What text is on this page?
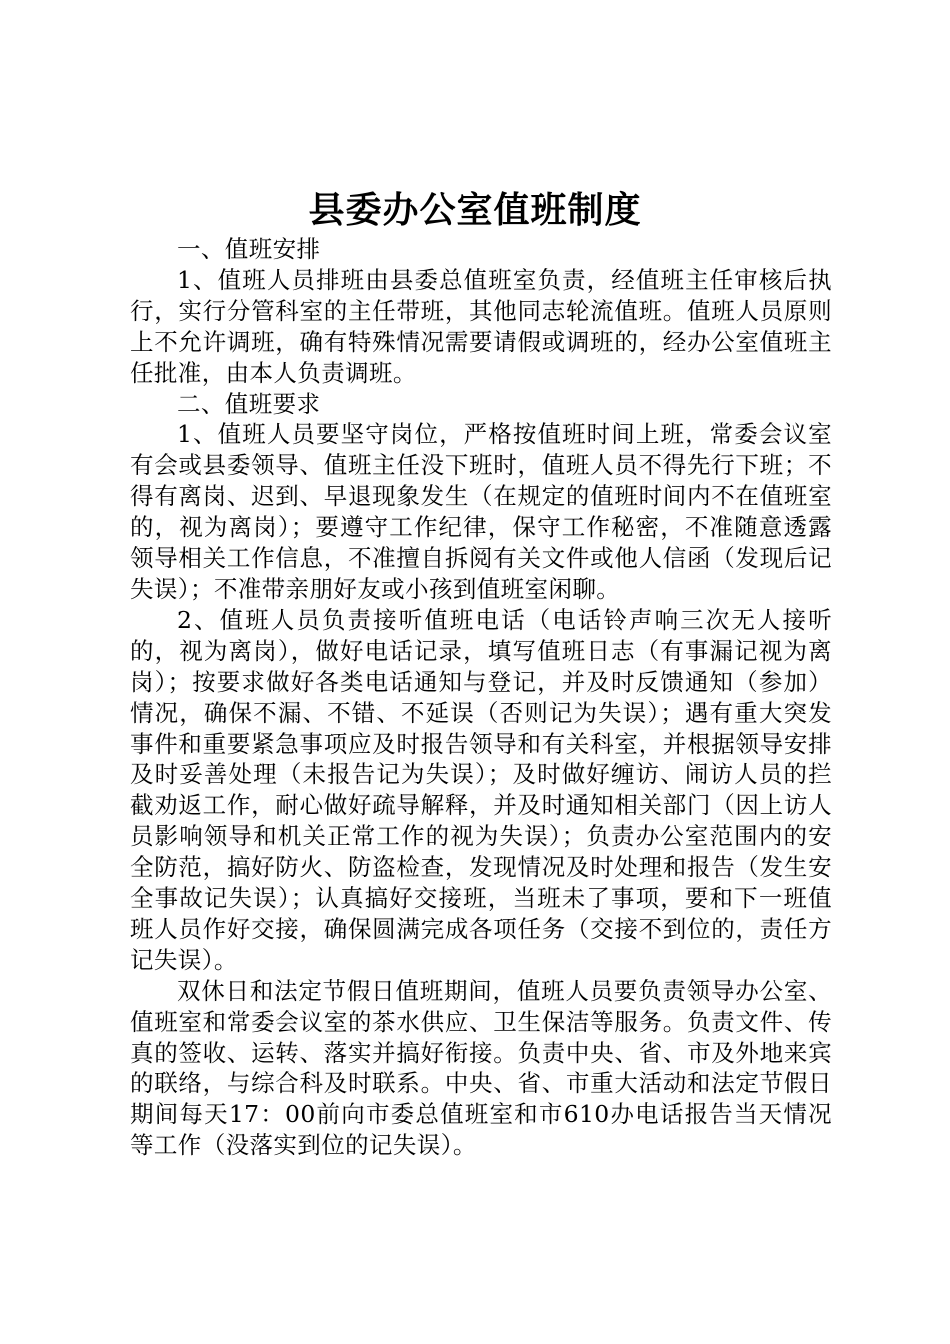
县委办公室值班制度

一、值班安排

1、值班人员排班由县委总值班室负责，经值班主任审核后执行，实行分管科室的主任带班，其他同志轮流值班。值班人员原则上不允许调班，确有特殊情况需要请假或调班的，经办公室值班主任批准，由本人负责调班。

二、值班要求

1、值班人员要坚守岗位，严格按值班时间上班，常委会议室有会或县委领导、值班主任没下班时，值班人员不得先行下班；不得有离岗、迟到、早退现象发生（在规定的值班时间内不在值班室的，视为离岗）；要遵守工作纪律，保守工作秘密，不准随意透露领导相关工作信息，不准擅自拆阅有关文件或他人信函（发现后记失误）；不准带亲朋好友或小孩到值班室闲聊。

2、值班人员负责接听值班电话（电话铃声响三次无人接听的，视为离岗），做好电话记录，填写值班日志（有事漏记视为离岗）；按要求做好各类电话通知与登记，并及时反馈通知（参加）情况，确保不漏、不错、不延误（否则记为失误）；遇有重大突发事件和重要紧急事项应及时报告领导和有关科室，并根据领导安排及时妥善处理（未报告记为失误）；及时做好缠访、闹访人员的拦截劝返工作，耐心做好疏导解释，并及时通知相关部门（因上访人员影响领导和机关正常工作的视为失误）；负责办公室范围内的安全防范，搞好防火、防盗检查，发现情况及时处理和报告（发生安全事故记失误）；认真搞好交接班，当班未了事项，要和下一班值班人员作好交接，确保圆满完成各项任务（交接不到位的，责任方记失误）。

双休日和法定节假日值班期间，值班人员要负责领导办公室、值班室和常委会议室的茶水供应、卫生保洁等服务。负责文件、传真的签收、运转、落实并搞好衔接。负责中央、省、市及外地来宾的联络，与综合科及时联系。中央、省、市重大活动和法定节假日期间每天17：00前向市委总值班室和市610办电话报告当天情况等工作（没落实到位的记失误）。
